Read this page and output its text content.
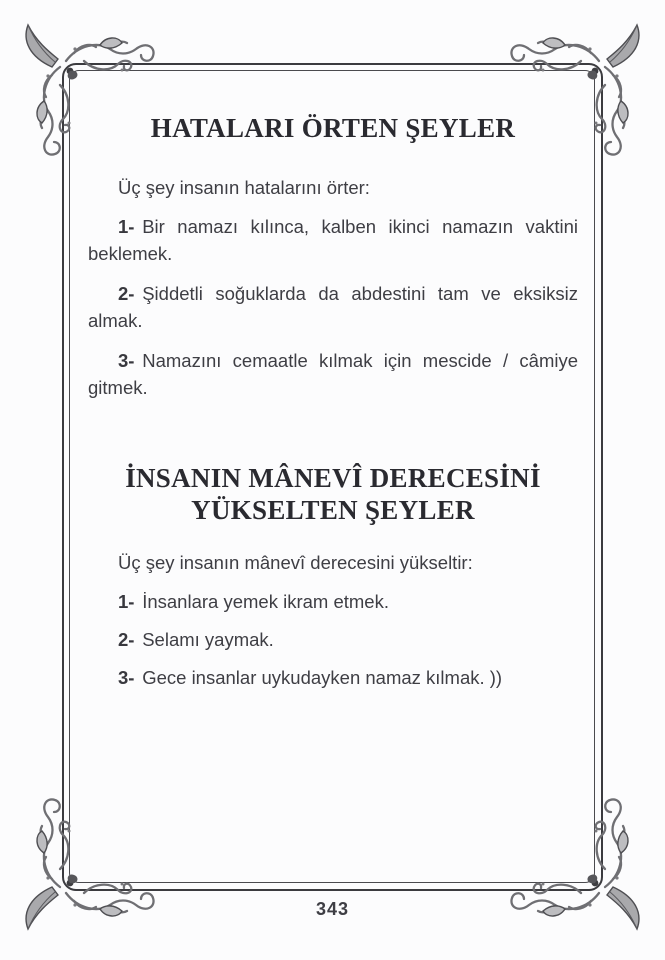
HATALARI ÖRTEN ŞEYLER

Üç şey insanın hatalarını örter:

1- Bir namazı kılınca, kalben ikinci namazın vaktini beklemek.

2- Şiddetli soğuklarda da abdestini tam ve eksiksiz almak.

3- Namazını cemaatle kılmak için mescide / câmiye gitmek.

İNSANIN MÂNEVÎ DERECESİNİ
YÜKSELTEN ŞEYLER

Üç şey insanın mânevî derecesini yükseltir:

1- İnsanlara yemek ikram etmek.

2- Selamı yaymak.

3- Gece insanlar uykudayken namaz kılmak. ))

343
